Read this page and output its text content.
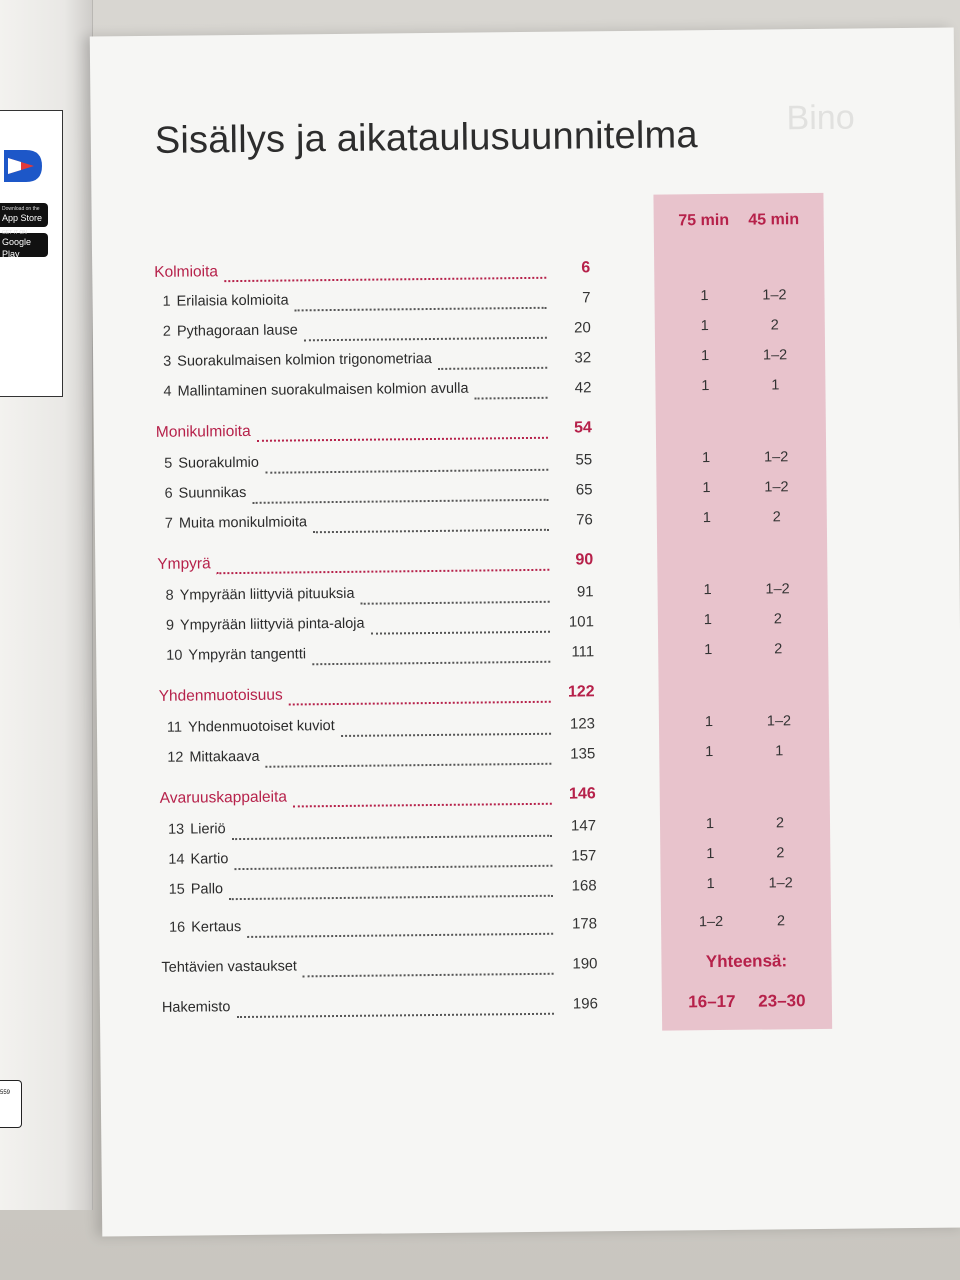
Download on the
App Store
GET IT ON
Google Play
559
Bino
Sisällys ja aikataulusuunnitelma
75 min	45 min
Kolmioita	6
1 Erilaisia kolmioita	7	1	1–2
2 Pythagoraan lause	20	1	2
3 Suorakulmaisen kolmion trigonometriaa	32	1	1–2
4 Mallintaminen suorakulmaisen kolmion avulla	42	1	1
Monikulmioita	54
5 Suorakulmio	55	1	1–2
6 Suunnikas	65	1	1–2
7 Muita monikulmioita	76	1	2
Ympyrä	90
8 Ympyrään liittyviä pituuksia	91	1	1–2
9 Ympyrään liittyviä pinta-aloja	101	1	2
10 Ympyrän tangentti	111	1	2
Yhdenmuotoisuus	122
11 Yhdenmuotoiset kuviot	123	1	1–2
12 Mittakaava	135	1	1
Avaruuskappaleita	146
13 Lieriö	147	1	2
14 Kartio	157	1	2
15 Pallo	168	1	1–2
16 Kertaus	178	1–2	2
Tehtävien vastaukset	190
Hakemisto	196
Yhteensä:
16–17	23–30
